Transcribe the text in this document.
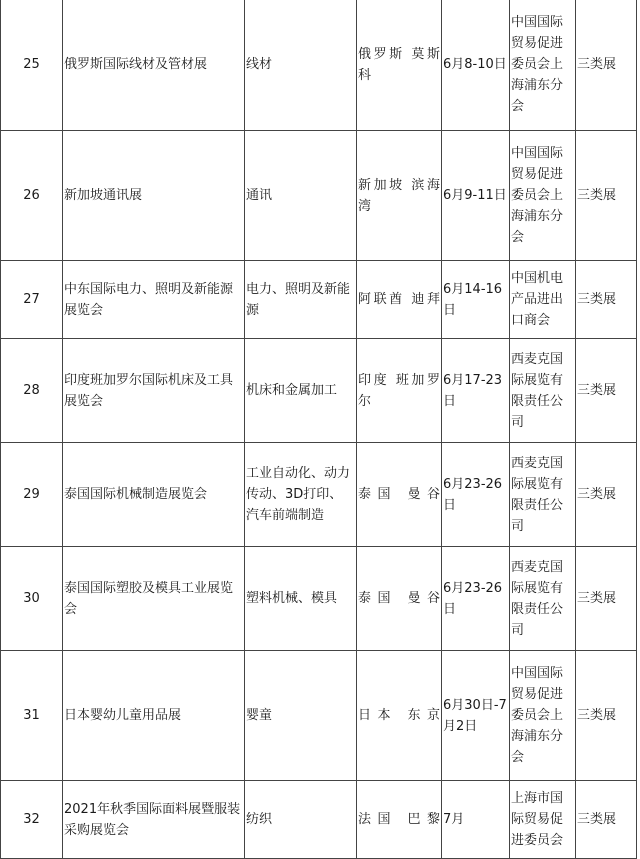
25	俄罗斯国际线材及管材展	线材	俄罗斯 莫斯科	6月8-10日	中国国际贸易促进委员会上海浦东分会	三类展
26	新加坡通讯展	通讯	新加坡 滨海湾	6月9-11日	中国国际贸易促进委员会上海浦东分会	三类展
27	中东国际电力、照明及新能源展览会	电力、照明及新能源	阿联酋 迪拜	6月14-16日	中国机电产品进出口商会	三类展
28	印度班加罗尔国际机床及工具展览会	机床和金属加工	印度 班加罗尔	6月17-23日	西麦克国际展览有限责任公司	三类展
29	泰国国际机械制造展览会	工业自动化、动力传动、3D打印、汽车前端制造	泰国 曼谷	6月23-26日	西麦克国际展览有限责任公司	三类展
30	泰国国际塑胶及模具工业展览会	塑料机械、模具	泰国 曼谷	6月23-26日	西麦克国际展览有限责任公司	三类展
31	日本婴幼儿童用品展	婴童	日本 东京	6月30日-7月2日	中国国际贸易促进委员会上海浦东分会	三类展
32	2021年秋季国际面料展暨服装采购展览会	纺织	法国 巴黎	7月	上海市国际贸易促进委员会	三类展
